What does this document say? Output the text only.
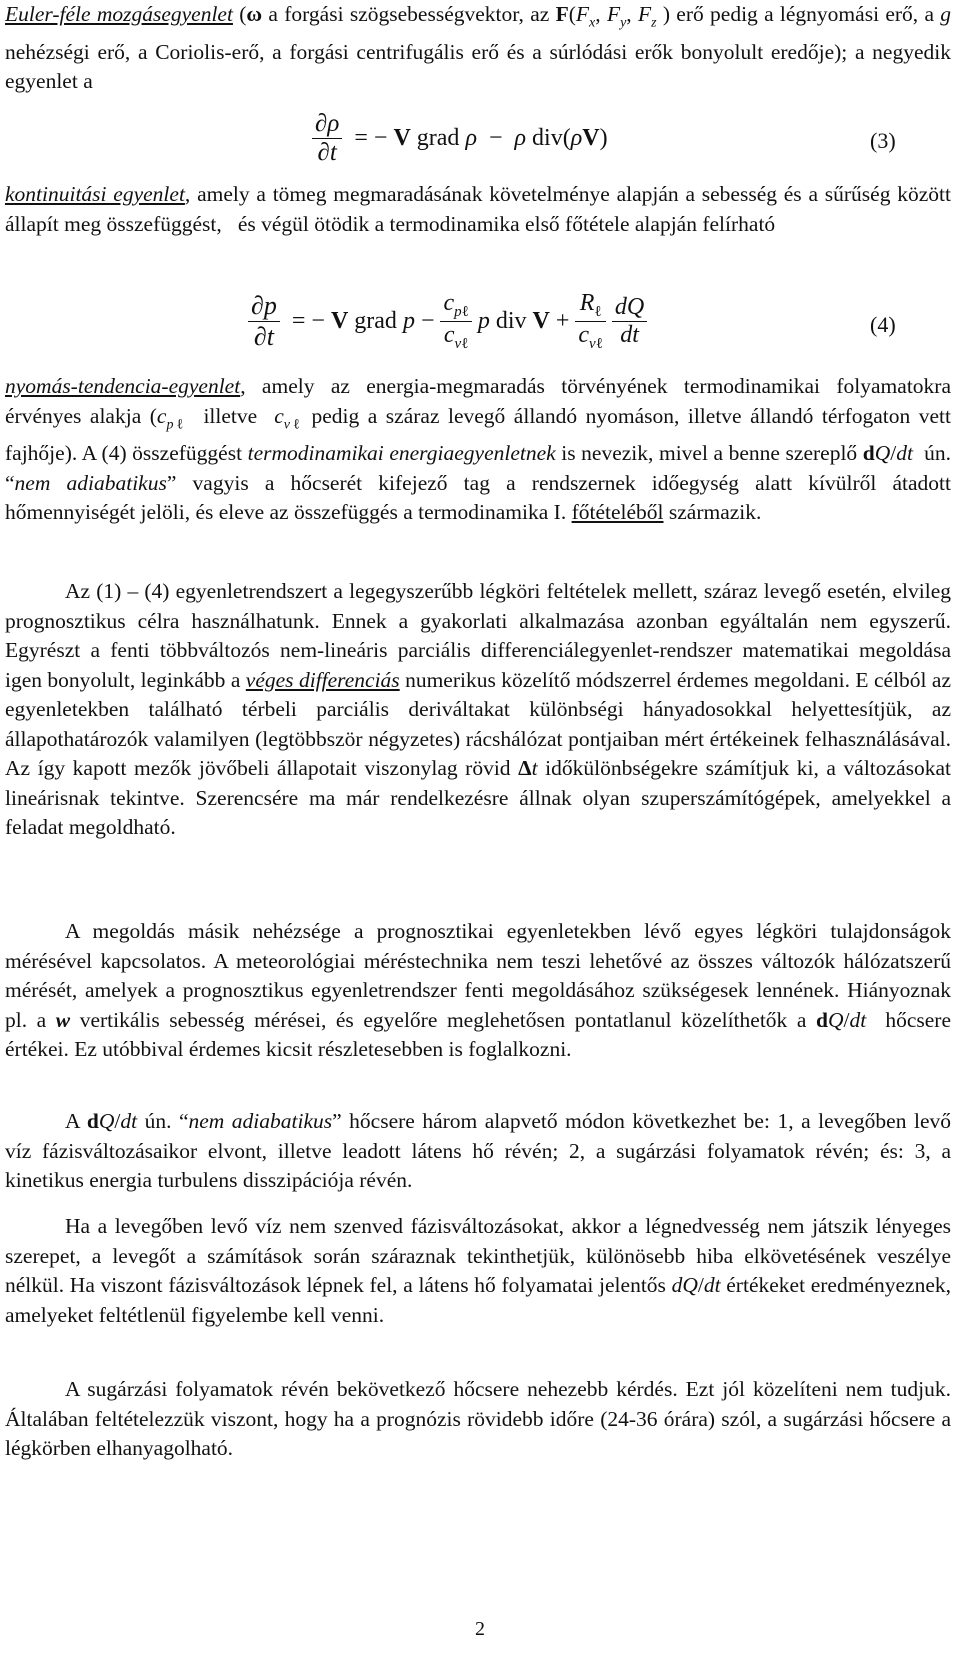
Euler-féle mozgásegyenlet (ω a forgási szögsebességvektor, az $F(F_x$, $F_y$, $F_z$ ) erő pedig a légnyomási erő, a g nehézségi erő, a Coriolis-erő, a forgási centrifugális erő és a súrlódási erők bonyolult eredője); a negyedik egyenlet a

$\frac{\partial\rho}{\partial t}$ = − V grad ρ  −  ρ div(ρV)	(3)

kontinuitási egyenlet, amely a tömeg megmaradásának követelménye alapján a sebesség és a sűrűség között állapít meg összefüggést,   és végül ötödik a termodinamika első főtétele alapján felírható

$\frac{\partial p}{\partial t}$ = − V grad $p - \frac{c_{p\ell}}{c_{v\ell}}$ p div $V + \frac{R_\ell}{c_{v\ell}}$
$\frac{dQ}{dt}$	(4)

nyomás-tendencia-egyenlet, amely az energia-megmaradás törvényének termodinamikai folyamatokra érvényes alakja ($c_{p\ell}$  illetve  $c_{v\ell}$ pedig a száraz levegő állandó nyomáson, illetve állandó térfogaton vett fajhője). A (4) összefüggést termodinamikai energiaegyenletnek is nevezik, mivel a benne szereplő dQ/dt  ún. “nem adiabatikus” vagyis a hőcserét kifejező tag a rendszernek időegység alatt kívülről átadott hőmennyiségét jelöli, és eleve az összefüggés a termodinamika I. főtételéből származik.

Az (1) – (4) egyenletrendszert a legegyszerűbb légköri feltételek mellett, száraz levegő esetén, elvileg prognosztikus célra használhatunk. Ennek a gyakorlati alkalmazása azonban egyáltalán nem egyszerű. Egyrészt a fenti többváltozós nem-lineáris parciális differenciálegyenlet-rendszer matematikai megoldása igen bonyolult, leginkább a véges differenciás numerikus közelítő módszerrel érdemes megoldani. E célból az egyenletekben található térbeli parciális deriváltakat különbségi hányadosokkal helyettesítjük, az állapothatározók valamilyen (legtöbbször négyzetes) rácshálózat pontjaiban mért értékeinek felhasználásával. Az így kapott mezők jövőbeli állapotait viszonylag rövid Δt időkülönbségekre számítjuk ki, a változásokat lineárisnak tekintve. Szerencsére ma már rendelkezésre állnak olyan szuperszámítógépek, amelyekkel a feladat megoldható.

A megoldás másik nehézsége a prognosztikai egyenletekben lévő egyes légköri tulajdonságok mérésével kapcsolatos. A meteorológiai méréstechnika nem teszi lehetővé az összes változók hálózatszerű mérését, amelyek a prognosztikus egyenletrendszer fenti megoldásához szükségesek lennének. Hiányoznak pl. a w vertikális sebesség mérései, és egyelőre meglehetősen pontatlanul közelíthetők a dQ/dt  hőcsere értékei. Ez utóbbival érdemes kicsit részletesebben is foglalkozni.

A dQ/dt ún. “nem adiabatikus” hőcsere három alapvető módon következhet be: 1, a levegőben levő víz fázisváltozásaikor elvont, illetve leadott látens hő révén; 2, a sugárzási folyamatok révén; és: 3, a kinetikus energia turbulens disszipációja révén.

Ha a levegőben levő víz nem szenved fázisváltozásokat, akkor a légnedvesség nem játszik lényeges szerepet, a levegőt a számítások során száraznak tekinthetjük, különösebb hiba elkövetésének veszélye nélkül. Ha viszont fázisváltozások lépnek fel, a látens hő folyamatai jelentős dQ/dt értékeket eredményeznek, amelyeket feltétlenül figyelembe kell venni.

A sugárzási folyamatok révén bekövetkező hőcsere nehezebb kérdés. Ezt jól közelíteni nem tudjuk. Általában feltételezzük viszont, hogy ha a prognózis rövidebb időre (24-36 órára) szól, a sugárzási hőcsere a légkörben elhanyagolható.

2
